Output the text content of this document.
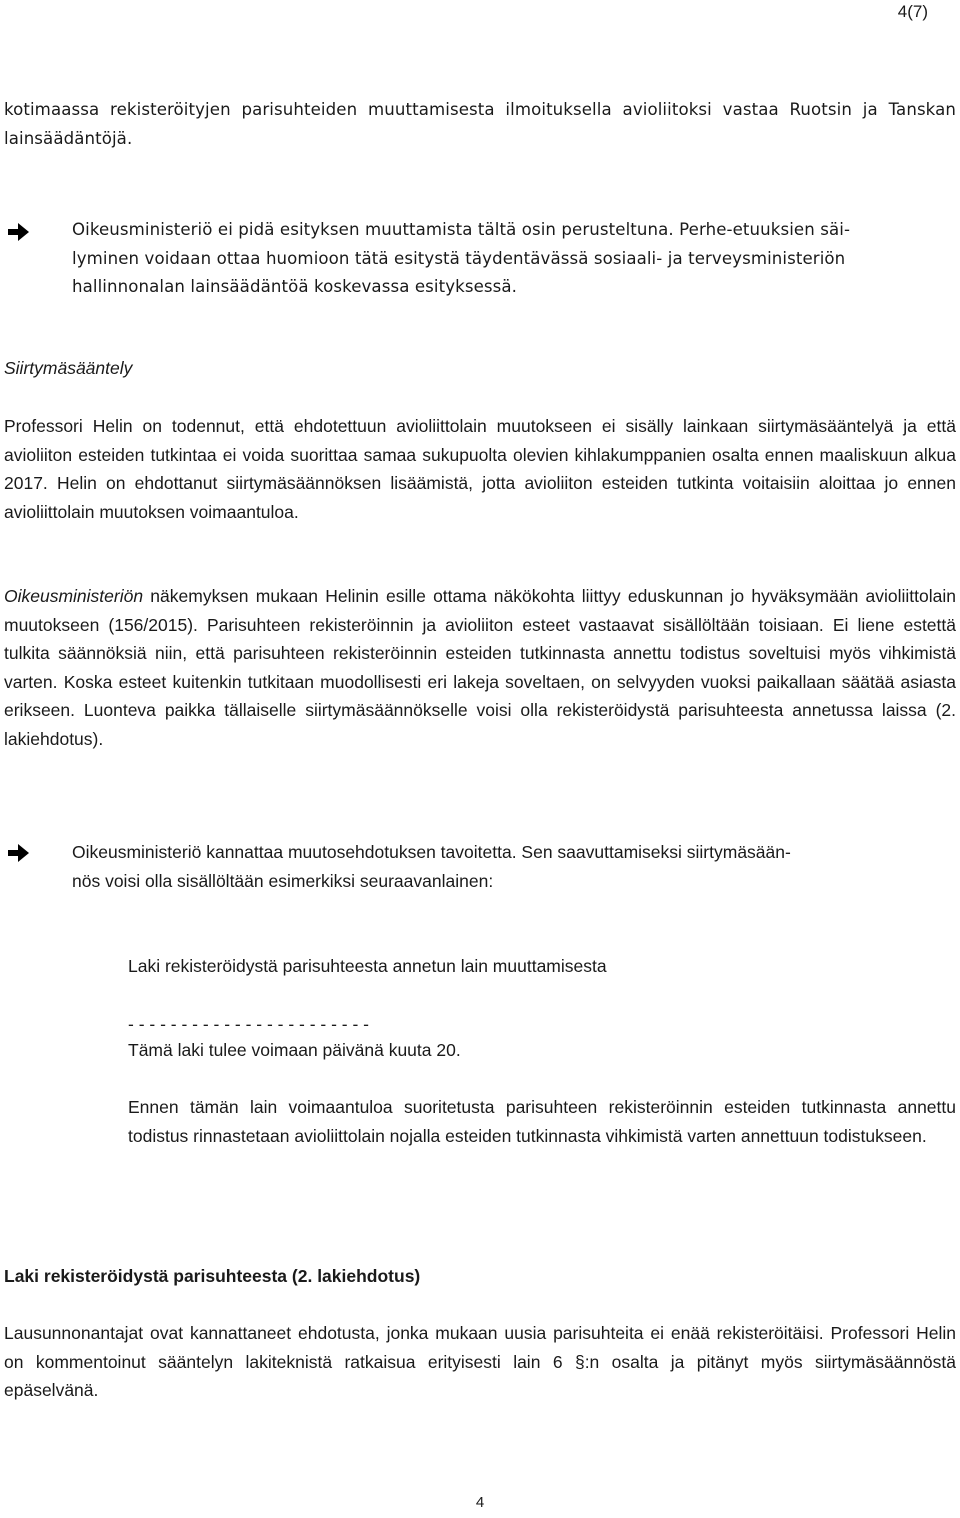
4(7)

kotimaassa rekisteröityjen parisuhteiden muuttamisesta ilmoituksella avioliitoksi vastaa Ruotsin ja Tanskan lainsäädäntöjä.

Oikeusministeriö ei pidä esityksen muuttamista tältä osin perusteltuna. Perhe-etuuksien säi-
lyminen voidaan ottaa huomioon tätä esitystä täydentävässä sosiaali- ja terveysministeriön
hallinnonalan lainsäädäntöä koskevassa esityksessä.
Siirtymäsääntely

Professori Helin on todennut, että ehdotettuun avioliittolain muutokseen ei sisälly lainkaan siirtymäsääntelyä ja että avioliiton esteiden tutkintaa ei voida suorittaa samaa sukupuolta olevien kihlakumppanien osalta ennen maaliskuun alkua 2017. Helin on ehdottanut siirtymäsäännöksen lisäämistä, jotta avioliiton esteiden tutkinta voitaisiin aloittaa jo ennen avioliittolain muutoksen voimaantuloa.

Oikeusministeriön näkemyksen mukaan Helinin esille ottama näkökohta liittyy eduskunnan jo hyväksymään avioliittolain muutokseen (156/2015). Parisuhteen rekisteröinnin ja avioliiton esteet vastaavat sisällöltään toisiaan. Ei liene estettä tulkita säännöksiä niin, että parisuhteen rekisteröinnin esteiden tutkinnasta annettu todistus soveltuisi myös vihkimistä varten. Koska esteet kuitenkin tutkitaan muodollisesti eri lakeja soveltaen, on selvyyden vuoksi paikallaan säätää asiasta erikseen. Luonteva paikka tällaiselle siirtymäsäännökselle voisi olla rekisteröidystä parisuhteesta annetussa laissa (2. lakiehdotus).

Oikeusministeriö kannattaa muutosehdotuksen tavoitetta. Sen saavuttamiseksi siirtymäsään-
nös voisi olla sisällöltään esimerkiksi seuraavanlainen:
Laki rekisteröidystä parisuhteesta annetun lain muuttamisesta
- - - - - - - - - - - - - - - - - - - - - - -
Tämä laki tulee voimaan päivänä kuuta 20.

Ennen tämän lain voimaantuloa suoritetusta parisuhteen rekisteröinnin esteiden tutkinnasta annettu todistus rinnastetaan avioliittolain nojalla esteiden tutkinnasta vihkimistä varten annettuun todistukseen.

Laki rekisteröidystä parisuhteesta (2. lakiehdotus)

Lausunnonantajat ovat kannattaneet ehdotusta, jonka mukaan uusia parisuhteita ei enää rekisteröitäisi. Professori Helin on kommentoinut sääntelyn lakiteknistä ratkaisua erityisesti lain 6 §:n osalta ja pitänyt myös siirtymäsäännöstä epäselvänä.

4
